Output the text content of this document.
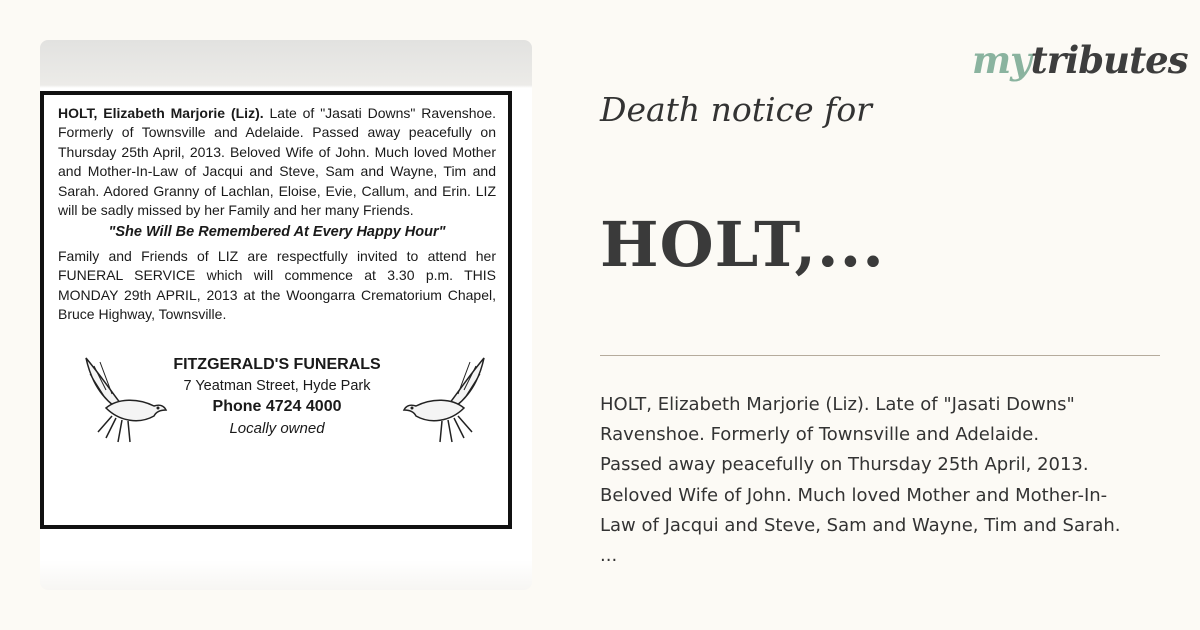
HOLT, Elizabeth Marjorie (Liz). Late of "Jasati Downs" Ravenshoe. Formerly of Townsville and Adelaide. Passed away peacefully on Thursday 25th April, 2013. Beloved Wife of John. Much loved Mother and Mother-In-Law of Jacqui and Steve, Sam and Wayne, Tim and Sarah. Adored Granny of Lachlan, Eloise, Evie, Callum, and Erin. LIZ will be sadly missed by her Family and her many Friends.

"She Will Be Remembered At Every Happy Hour"

Family and Friends of LIZ are respectfully invited to attend her FUNERAL SERVICE which will commence at 3.30 p.m. THIS MONDAY 29th APRIL, 2013 at the Woongarra Crematorium Chapel, Bruce Highway, Townsville.

FITZGERALD'S FUNERALS
7 Yeatman Street, Hyde Park
Phone 4724 4000
Locally owned
mytributes
Death notice for
HOLT,...
HOLT, Elizabeth Marjorie (Liz). Late of "Jasati Downs"
Ravenshoe. Formerly of Townsville and Adelaide.
Passed away peacefully on Thursday 25th April, 2013.
Beloved Wife of John. Much loved Mother and Mother-In-
Law of Jacqui and Steve, Sam and Wayne, Tim and Sarah.
...
